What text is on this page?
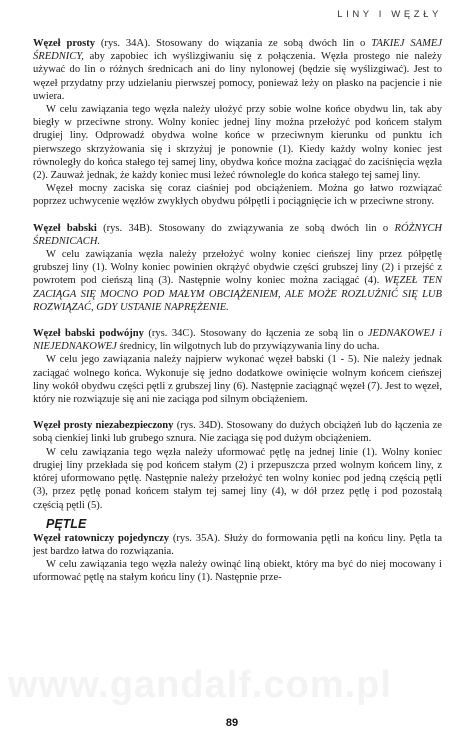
LINY I WĘZŁY

Węzeł prosty (rys. 34A). Stosowany do wiązania ze sobą dwóch lin o TAKIEJ SAMEJ ŚREDNICY, aby zapobiec ich wyślizgiwaniu się z połączenia. Węzła prostego nie należy używać do lin o różnych średnicach ani do liny nylonowej (będzie się wyślizgiwać). Jest to węzeł przydatny przy udzielaniu pierwszej pomocy, ponieważ leży on płasko na pacjencie i nie uwiera.

W celu zawiązania tego węzła należy ułożyć przy sobie wolne końce obydwu lin, tak aby biegły w przeciwne strony. Wolny koniec jednej liny można przełożyć pod końcem stałym drugiej liny. Odprowadź obydwa wolne końce w przeciwnym kierunku od punktu ich pierwszego skrzyżowania się i skrzyżuj je ponownie (1). Kiedy każdy wolny koniec jest równoległy do końca stałego tej samej liny, obydwa końce można zaciągać do zaciśnięcia węzła (2). Zauważ jednak, że każdy koniec musi leżeć równolegle do końca stałego tej samej liny.

Węzeł mocny zaciska się coraz ciaśniej pod obciążeniem. Można go łatwo rozwiązać poprzez uchwycenie węzłów zwykłych obydwu półpętli i pociągnięcie ich w przeciwne strony.

Węzeł babski (rys. 34B). Stosowany do związywania ze sobą dwóch lin o RÓŻNYCH ŚREDNICACH.

W celu zawiązania węzła należy przełożyć wolny koniec cieńszej liny przez półpętlę grubszej liny (1). Wolny koniec powinien okrążyć obydwie części grubszej liny (2) i przejść z powrotem pod cieńszą liną (3). Następnie wolny koniec można zaciągać (4). WĘZEŁ TEN ZACIĄGA SIĘ MOCNO POD MAŁYM OBCIĄŻENIEM, ALE MOŻE ROZLUŹNIĆ SIĘ LUB ROZWIĄZAĆ, GDY USTANIE NAPRĘŻENIE.

Węzeł babski podwójny (rys. 34C). Stosowany do łączenia ze sobą lin o JEDNAKOWEJ i NIEJEDNAKOWEJ średnicy, lin wilgotnych lub do przywiązywania liny do ucha.

W celu jego zawiązania należy najpierw wykonać węzeł babski (1 - 5). Nie należy jednak zaciągać wolnego końca. Wykonuje się jedno dodatkowe owinięcie wolnym końcem cieńszej liny wokół obydwu części pętli z grubszej liny (6). Następnie zaciągnąć węzeł (7). Jest to węzeł, który nie rozwiązuje się ani nie zaciąga pod silnym obciążeniem.

Węzeł prosty niezabezpieczony (rys. 34D). Stosowany do dużych obciążeń lub do łączenia ze sobą cienkiej linki lub grubego sznura. Nie zaciąga się pod dużym obciążeniem.

W celu zawiązania tego węzła należy uformować pętlę na jednej linie (1). Wolny koniec drugiej liny przekłada się pod końcem stałym (2) i przepuszcza przed wolnym końcem liny, z której uformowano pętlę. Następnie należy przełożyć ten wolny koniec pod jedną częścią pętli (3), przez pętlę ponad końcem stałym tej samej liny (4), w dół przez pętlę i pod pozostałą częścią pętli (5).

PĘTLE

Węzeł ratowniczy pojedynczy (rys. 35A). Służy do formowania pętli na końcu liny. Pętla ta jest bardzo łatwa do rozwiązania.

W celu zawiązania tego węzła należy owinąć liną obiekt, który ma być do niej mocowany i uformować pętlę na stałym końcu liny (1). Następnie prze-

www.gandalf.com.pl
89
